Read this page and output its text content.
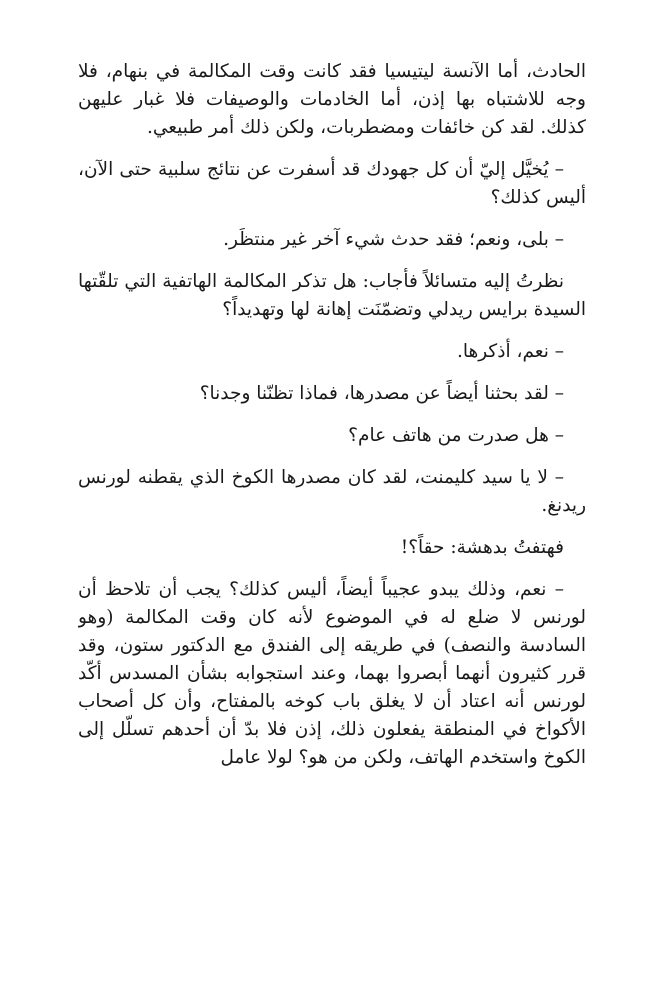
الحادث، أما الآنسة ليتيسيا فقد كانت وقت المكالمة في بنهام، فلا وجه للاشتباه بها إذن، أما الخادمات والوصيفات فلا غبار عليهن كذلك. لقد كن خائفات ومضطربات، ولكن ذلك أمر طبيعي.

– يُخيَّل إليّ أن كل جهودك قد أسفرت عن نتائج سلبية حتى الآن، أليس كذلك؟

– بلى، ونعم؛ فقد حدث شيء آخر غير منتظَر.

نظرتُ إليه متسائلاً فأجاب: هل تذكر المكالمة الهاتفية التي تلقّتها السيدة برايس ريدلي وتضمّنَت إهانة لها وتهديداً؟

– نعم، أذكرها.

– لقد بحثنا أيضاً عن مصدرها، فماذا تظنّنا وجدنا؟

– هل صدرت من هاتف عام؟

– لا يا سيد كليمنت، لقد كان مصدرها الكوخ الذي يقطنه لورنس ريدنغ.

فهتفتُ بدهشة: حقاً؟!

– نعم، وذلك يبدو عجيباً أيضاً، أليس كذلك؟ يجب أن تلاحظ أن لورنس لا ضلع له في الموضوع لأنه كان وقت المكالمة (وهو السادسة والنصف) في طريقه إلى الفندق مع الدكتور ستون، وقد قرر كثيرون أنهما أبصروا بهما، وعند استجوابه بشأن المسدس أكّد لورنس أنه اعتاد أن لا يغلق باب كوخه بالمفتاح، وأن كل أصحاب الأكواخ في المنطقة يفعلون ذلك، إذن فلا بدّ أن أحدهم تسلّل إلى الكوخ واستخدم الهاتف، ولكن من هو؟ لولا عامل
